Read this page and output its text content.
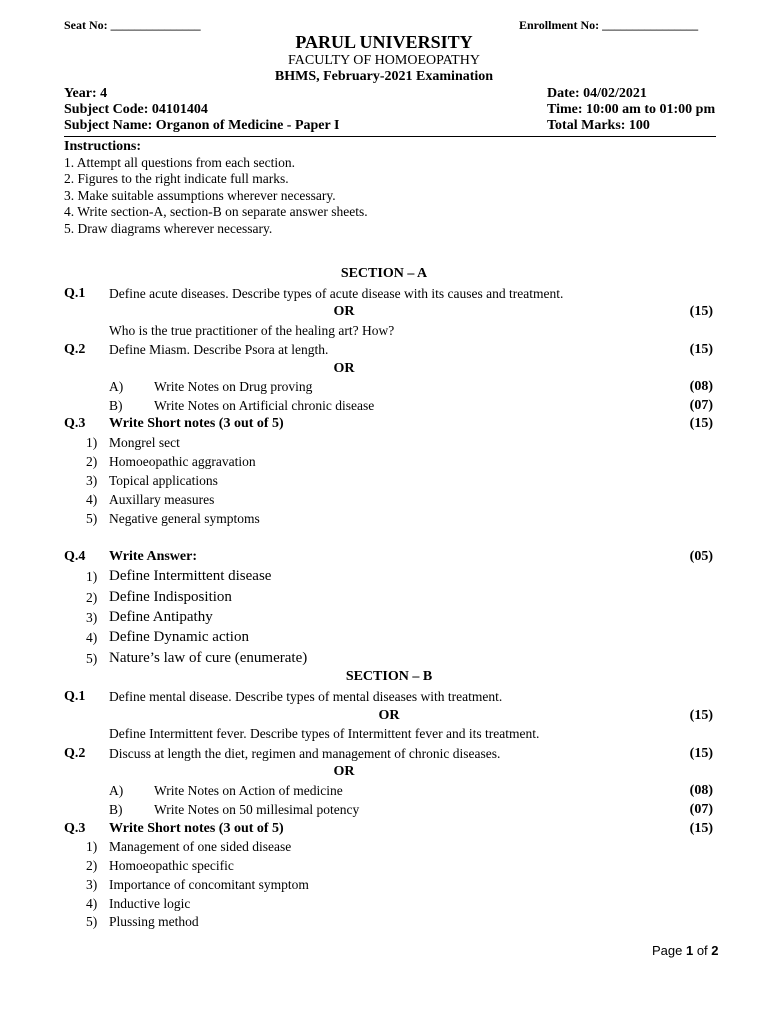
Seat No: _______________	Enrollment No: ________________
PARUL UNIVERSITY
FACULTY OF HOMOEOPATHY
BHMS, February-2021 Examination
Year: 4	Date: 04/02/2021
Subject Code: 04101404	Time: 10:00 am to 01:00 pm
Subject Name: Organon of Medicine - Paper I	Total Marks: 100
Instructions:
1. Attempt all questions from each section.
2. Figures to the right indicate full marks.
3. Make suitable assumptions wherever necessary.
4. Write section-A, section-B on separate answer sheets.
5. Draw diagrams wherever necessary.
SECTION – A
Q.1 Define acute diseases. Describe types of acute disease with its causes and treatment.
OR	(15)
Who is the true practitioner of the healing art? How?
Q.2 Define Miasm. Describe Psora at length.	(15)
OR
A) Write Notes on Drug proving	(08)
B) Write Notes on Artificial chronic disease	(07)
Q.3 Write Short notes (3 out of 5)	(15)
1) Mongrel sect
2) Homoeopathic aggravation
3) Topical applications
4) Auxillary measures
5) Negative general symptoms
Q.4 Write Answer:	(05)
1) Define Intermittent disease
2) Define Indisposition
3) Define Antipathy
4) Define Dynamic action
5) Nature’s law of cure (enumerate)
SECTION – B
Q.1 Define mental disease. Describe types of mental diseases with treatment.
OR	(15)
Define Intermittent fever. Describe types of Intermittent fever and its treatment.
Q.2 Discuss at length the diet, regimen and management of chronic diseases.	(15)
OR
A) Write Notes on Action of medicine	(08)
B) Write Notes on 50 millesimal potency	(07)
Q.3 Write Short notes (3 out of 5)	(15)
1) Management of one sided disease
2) Homoeopathic specific
3) Importance of concomitant symptom
4) Inductive logic
5) Plussing method
Page 1 of 2
